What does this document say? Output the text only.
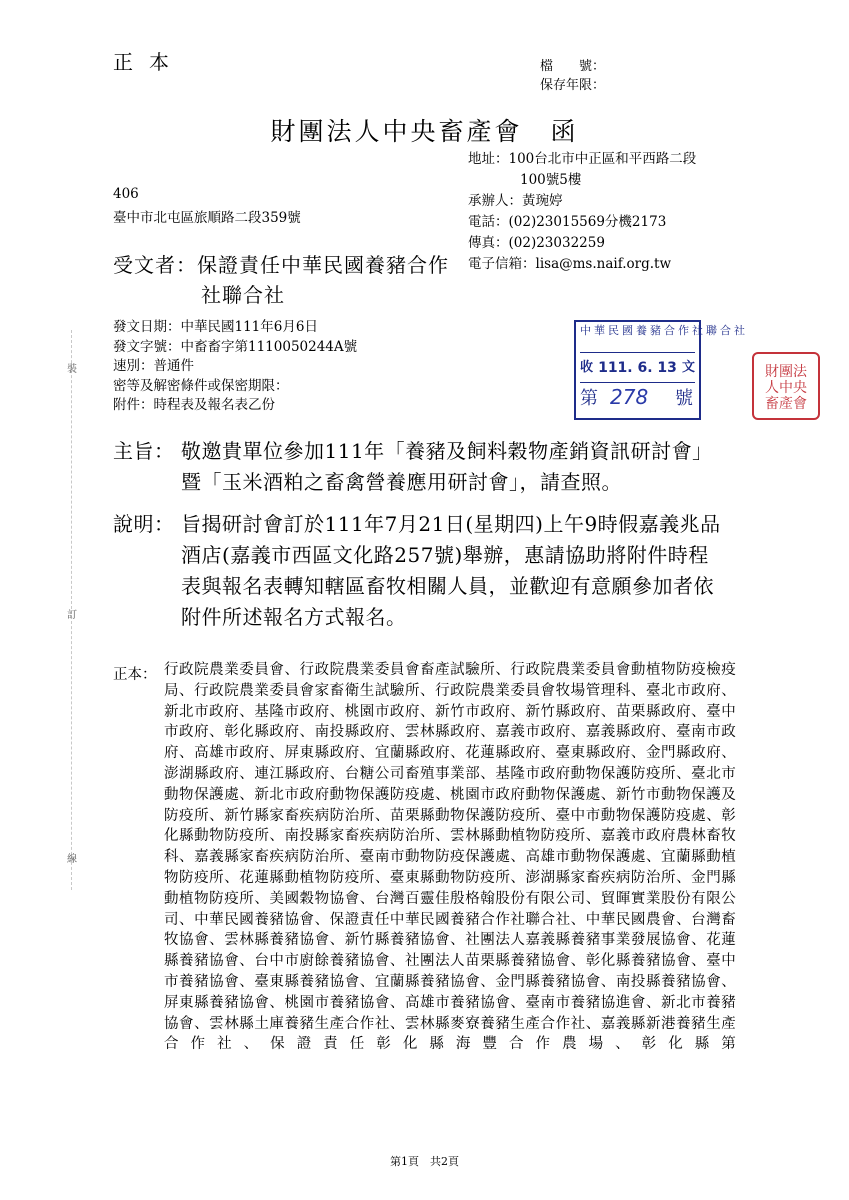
裝
訂
線
正本	檔　　號：
保存年限：
財團法人中央畜產會　函
地址：100台北市中正區和平西路二段
100號5樓
承辦人：黃琬婷
電話：(02)23015569分機2173
傳真：(02)23032259
電子信箱：lisa@ms.naif.org.tw
406
臺中市北屯區旅順路二段359號
受文者：保證責任中華民國養豬合作
社聯合社
發文日期：中華民國111年6月6日
發文字號：中畜畜字第1110050244A號
速別：普通件
密等及解密條件或保密期限：
附件：時程表及報名表乙份
中華民國養豬合作社聯合社
收 111. 6. 13 文
第 278 號
財團法人中央畜產會
主旨： 敬邀貴單位參加111年「養豬及飼料穀物產銷資訊研討會」
暨「玉米酒粕之畜禽營養應用研討會」，請查照。
說明： 旨揭研討會訂於111年7月21日(星期四)上午9時假嘉義兆品
酒店(嘉義市西區文化路257號)舉辦，惠請協助將附件時程
表與報名表轉知轄區畜牧相關人員，並歡迎有意願參加者依
附件所述報名方式報名。
正本： 行政院農業委員會、行政院農業委員會畜產試驗所、行政院農業委員會動植物防疫檢疫局、行政院農業委員會家畜衛生試驗所、行政院農業委員會牧場管理科、臺北市政府、新北市政府、基隆市政府、桃園市政府、新竹市政府、新竹縣政府、苗栗縣政府、臺中市政府、彰化縣政府、南投縣政府、雲林縣政府、嘉義市政府、嘉義縣政府、臺南市政府、高雄市政府、屏東縣政府、宜蘭縣政府、花蓮縣政府、臺東縣政府、金門縣政府、澎湖縣政府、連江縣政府、台糖公司畜殖事業部、基隆市政府動物保護防疫所、臺北市動物保護處、新北市政府動物保護防疫處、桃園市政府動物保護處、新竹市動物保護及防疫所、新竹縣家畜疾病防治所、苗栗縣動物保護防疫所、臺中市動物保護防疫處、彰化縣動物防疫所、南投縣家畜疾病防治所、雲林縣動植物防疫所、嘉義市政府農林畜牧科、嘉義縣家畜疾病防治所、臺南市動物防疫保護處、高雄市動物保護處、宜蘭縣動植物防疫所、花蓮縣動植物防疫所、臺東縣動物防疫所、澎湖縣家畜疾病防治所、金門縣動植物防疫所、美國穀物協會、台灣百靈佳殷格翰股份有限公司、貿暉實業股份有限公司、中華民國養豬協會、保證責任中華民國養豬合作社聯合社、中華民國農會、台灣畜牧協會、雲林縣養豬協會、新竹縣養豬協會、社團法人嘉義縣養豬事業發展協會、花蓮縣養豬協會、台中市廚餘養豬協會、社團法人苗栗縣養豬協會、彰化縣養豬協會、臺中市養豬協會、臺東縣養豬協會、宜蘭縣養豬協會、金門縣養豬協會、南投縣養豬協會、屏東縣養豬協會、桃園市養豬協會、高雄市養豬協會、臺南市養豬協進會、新北市養豬協會、雲林縣土庫養豬生產合作社、雲林縣麥寮養豬生產合作社、嘉義縣新港養豬生產合作社、保證責任彰化縣海豐合作農場、彰化縣第
第1頁　共2頁
